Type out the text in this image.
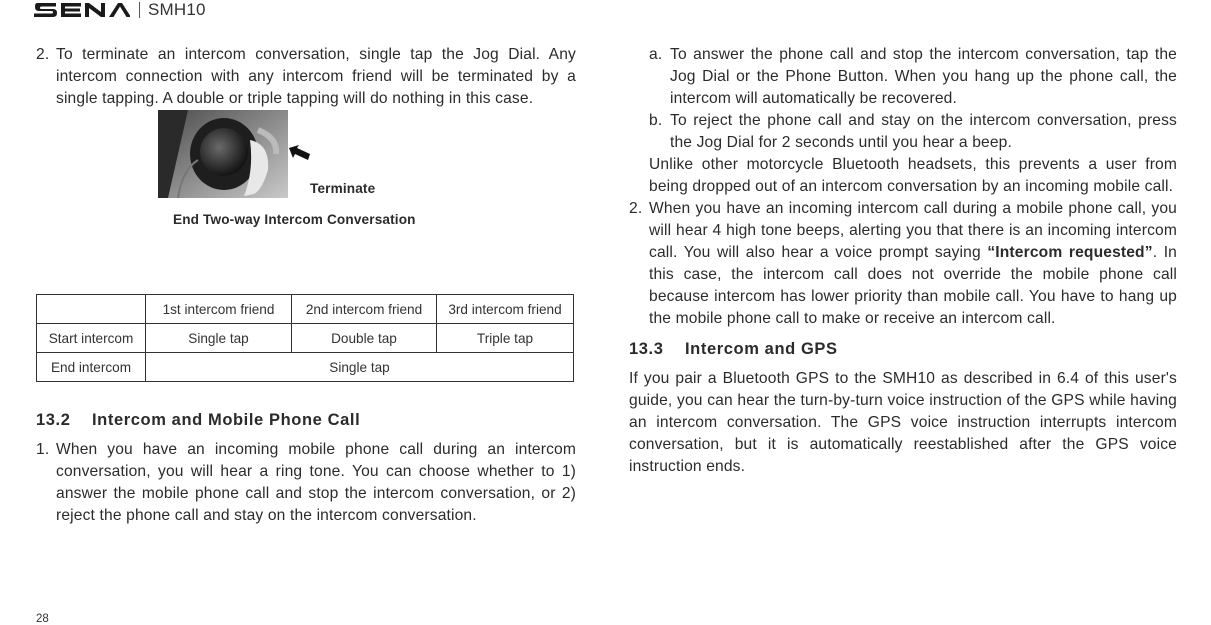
SMH10
2. To terminate an intercom conversation, single tap the Jog Dial. Any intercom connection with any intercom friend will be terminated by a single tapping. A double or triple tapping will do nothing in this case.
Terminate
End Two-way Intercom Conversation
	1st intercom friend	2nd intercom friend	3rd intercom friend
Start intercom	Single tap	Double tap	Triple tap
End intercom	Single tap		

13.2 Intercom and Mobile Phone Call

1. When you have an incoming mobile phone call during an intercom conversation, you will hear a ring tone. You can choose whether to 1) answer the mobile phone call and stop the intercom conversation, or 2) reject the phone call and stay on the intercom conversation.
a. To answer the phone call and stop the intercom conversation, tap the Jog Dial or the Phone Button. When you hang up the phone call, the intercom will automatically be recovered.
b. To reject the phone call and stay on the intercom conversation, press the Jog Dial for 2 seconds until you hear a beep.
Unlike other motorcycle Bluetooth headsets, this prevents a user from being dropped out of an intercom conversation by an incoming mobile call.
2. When you have an incoming intercom call during a mobile phone call, you will hear 4 high tone beeps, alerting you that there is an incoming intercom call. You will also hear a voice prompt saying “Intercom requested”. In this case, the intercom call does not override the mobile phone call because intercom has lower priority than mobile call. You have to hang up the mobile phone call to make or receive an intercom call.

13.3 Intercom and GPS

If you pair a Bluetooth GPS to the SMH10 as described in 6.4 of this user's guide, you can hear the turn-by-turn voice instruction of the GPS while having an intercom conversation. The GPS voice instruction interrupts intercom conversation, but it is automatically reestablished after the GPS voice instruction ends.
28
